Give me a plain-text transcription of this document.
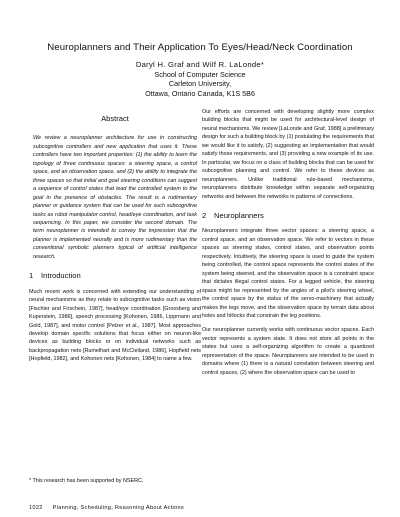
Neuroplanners and Their Application To Eyes/Head/Neck Coordination
Daryl H. Graf and Wilf R. LaLonde*
School of Computer Science
Carleton University,
Ottawa, Ontario Canada, K1S 5B6
Abstract

We review a neuroplanner architecture for use in constructing subcognitive controllers and new application that uses it. These controllers have two important properties: (1) the ability to learn the topology of three continuous spaces: a steering space, a control space, and an observation space, and (2) the ability to integrate the three spaces so that initial and goal steering conditions can suggest a sequence of control states that lead the controlled system to the goal in the presence of obstacles. The result is a rudimentary planner or guidance system that can be used for such subcognitive tasks as robot manipulator control, head/eye coordination, and task sequencing. In this paper, we consider the second domain. The term neuroplanner is intended to convey the impression that the planner is implemented neurally and is more rudimentary than the conventional symbolic planners typical of artificial intelligence research.

1 Introduction

Much recent work is concerned with extending our understanding of neural mechanisms as they relate to subcognitive tasks such as vision [Fischler and Firschein, 1987], head/eye coordination [Grossberg and Kuperstein, 1986], speech processing [Kohonen, 1986, Lippmann and Gold, 1987], and motor control [Pelzer et al., 1987]. Most approaches develop domain specific solutions that focus either on neuron-like devices as building blocks or on individual networks such as backpropagation nets [Rumelhart and McClelland, 1986], Hopfield nets [Hopfield, 1982], and Kohonen nets [Kohonen, 1984] to name a few.

* This research has been supported by NSERC.

Our efforts are concerned with developing slightly more complex building blocks that might be used for architectural-level design of neural mechanisms. We review [LaLonde and Graf, 1988] a preliminary design for such a building block by (1) postulating the requirements that we would like it to satisfy, (2) suggesting an implementation that would satisfy those requirements, and (3) providing a new example of its use. In particular, we focus on a class of building blocks that can be used for subcognitive planning and control. We refer to these devices as neuroplanners. Unlike traditional rule-based mechanisms, neuroplanners distribute knowledge within separate self-organizing networks and between the networks in patterns of connections.

2 Neuroplanners

Neuroplanners integrate three vector spaces: a steering space, a control space, and an observation space. We refer to vectors in these spaces as steering states, control states, and observation points respectively. Intuitively, the steering space is used to guide the system being controlled, the control space represents the control states of the system being steered, and the observation space is a constraint space that dictates illegal control states. For a legged vehicle, the steering space might be represented by the angles of a pilot's steering wheel, the control space by the status of the servo-machinery that actually makes the legs move, and the observation space by terrain data about holes and hillocks that constrain the leg positions.

Our neuroplanner currently works with continuous vector spaces. Each vector represents a system state. It does not store all points in the states but uses a self-organizing algorithm to create a quantized representation of the space. Neuroplanners are intended to be used in domains where (1) there is a natural correlation between steering and control spaces, (2) where the observation space can be used to

1022 Planning, Scheduling, Reasoning About Actions
